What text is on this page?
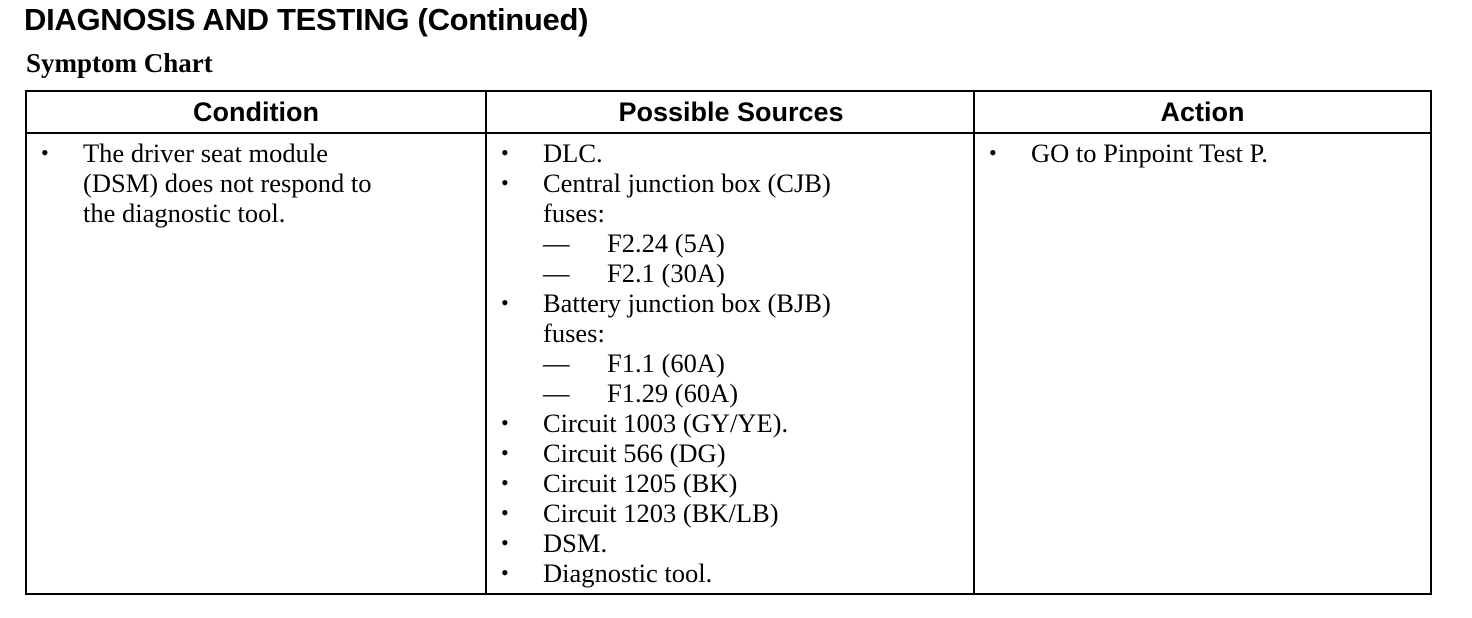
DIAGNOSIS AND TESTING (Continued)
Symptom Chart
Condition
• The driver seat module
(DSM) does not respond to
the diagnostic tool.
Possible Sources
• DLC.
• Central junction box (CJB)
fuses:
— F2.24 (5A)
— F2.1 (30A)
• Battery junction box (BJB)
fuses:
— F1.1 (60A)
— F1.29 (60A)
• Circuit 1003 (GY/YE).
• Circuit 566 (DG)
• Circuit 1205 (BK)
• Circuit 1203 (BK/LB)
• DSM.
• Diagnostic tool.
Action
• GO to Pinpoint Test P.
